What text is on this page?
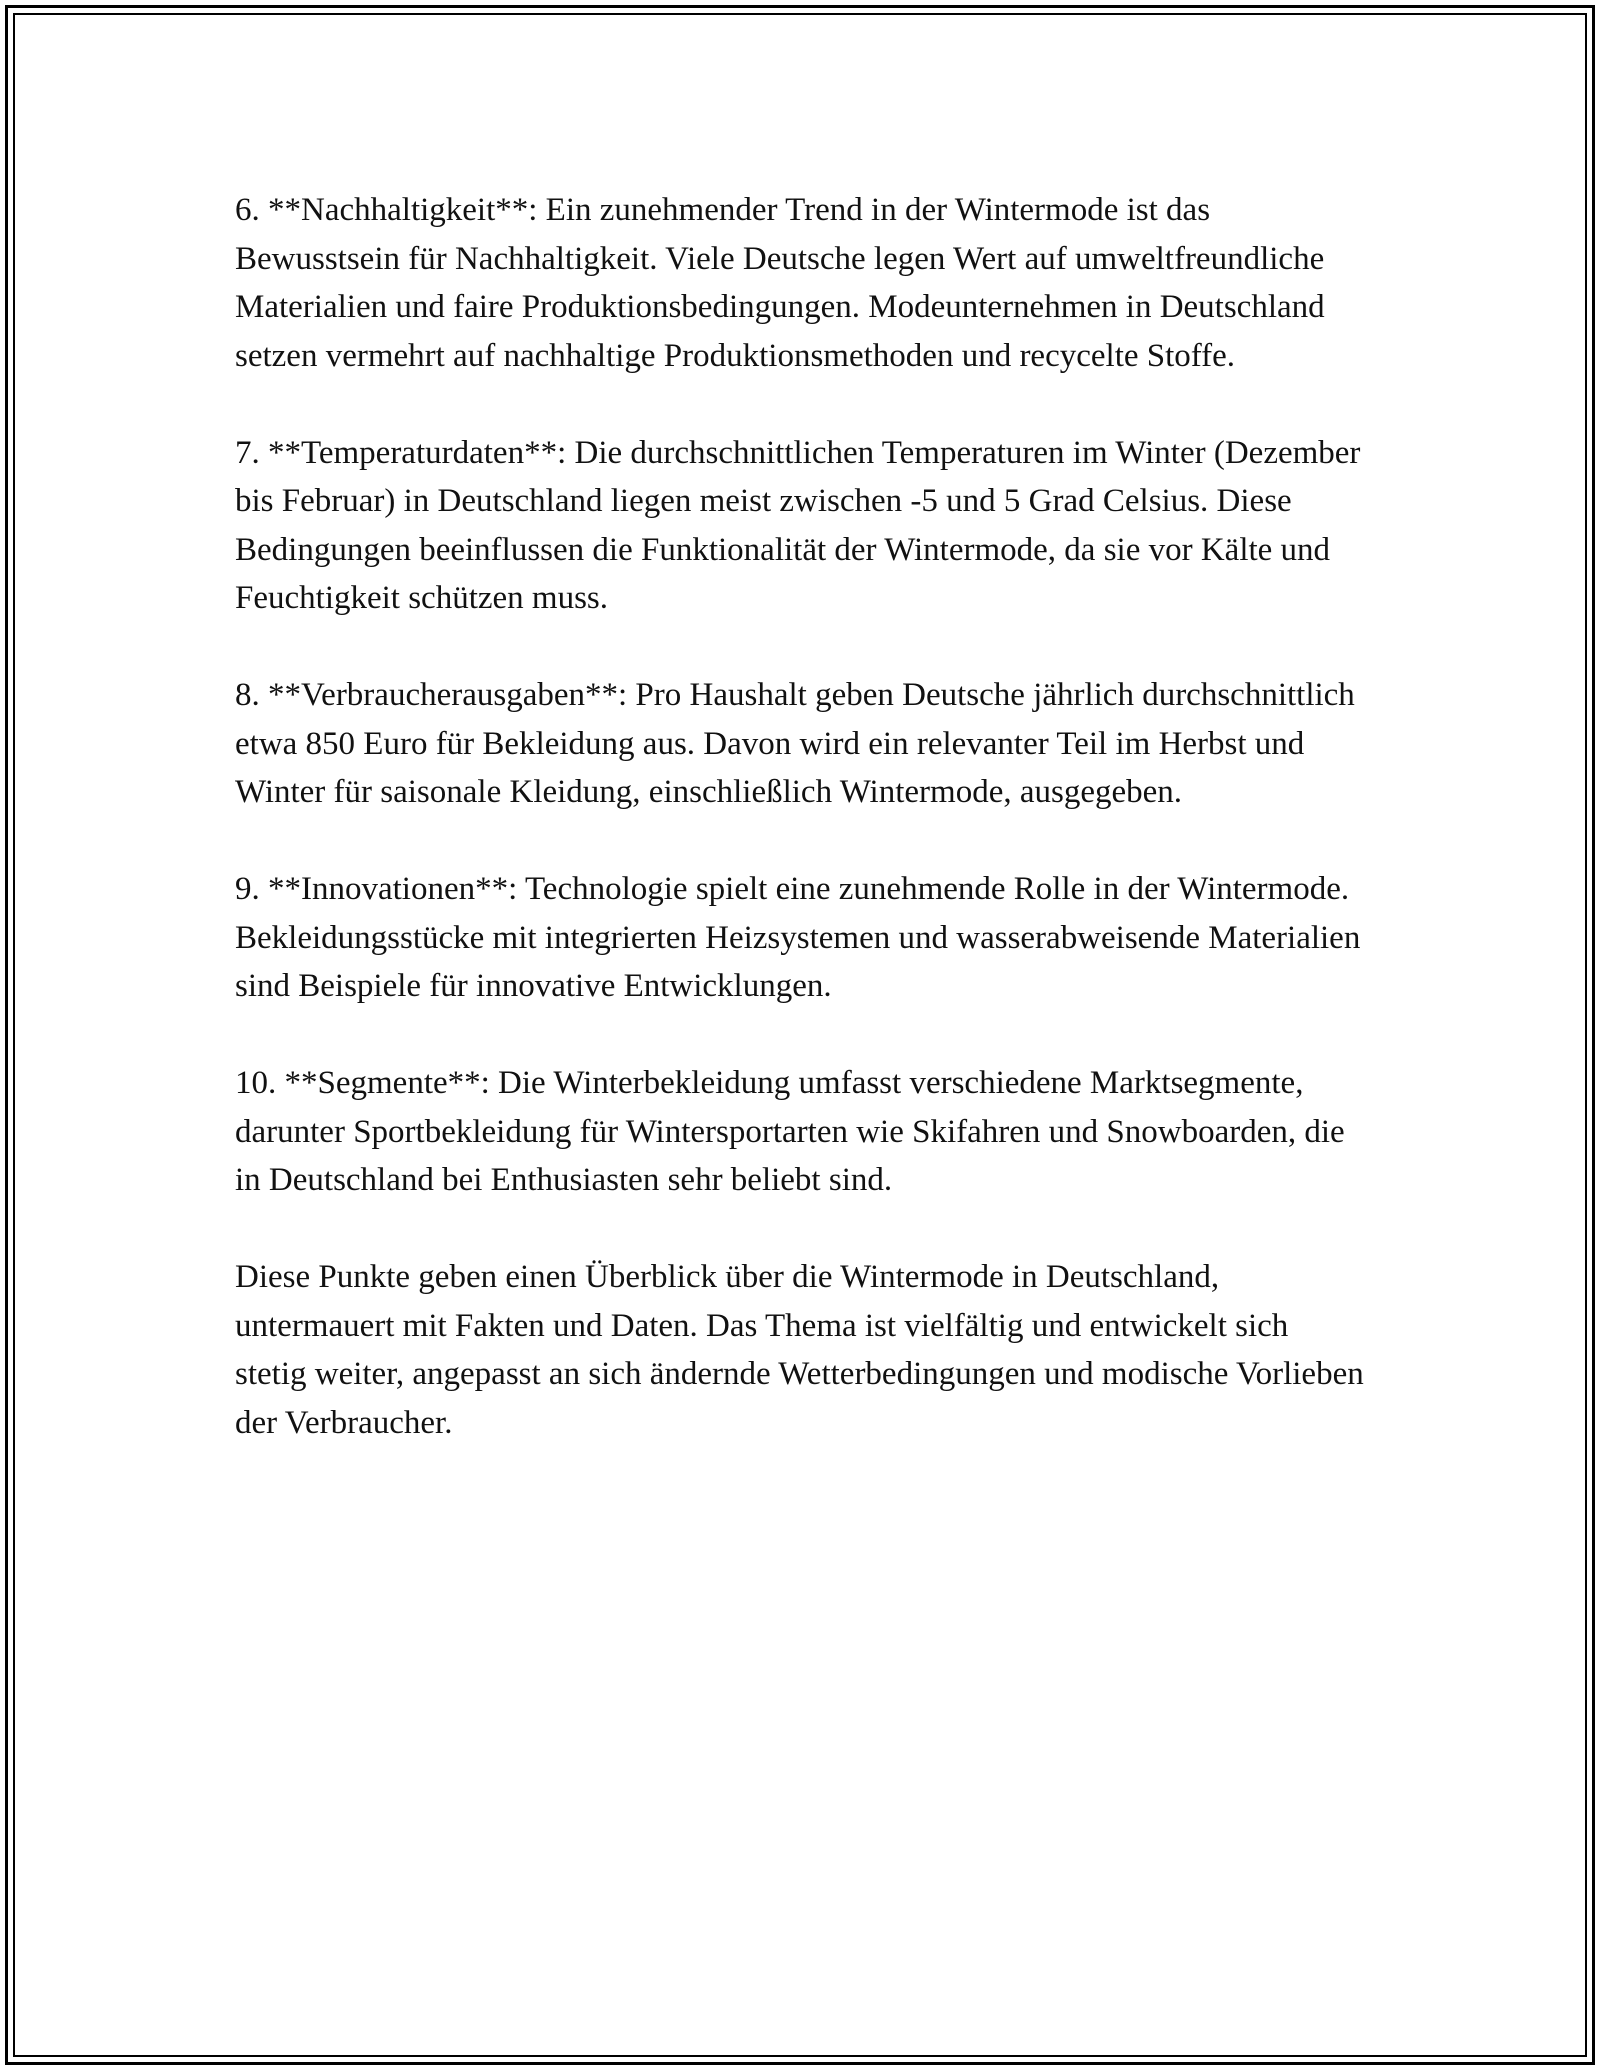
6. **Nachhaltigkeit**: Ein zunehmender Trend in der Wintermode ist das Bewusstsein für Nachhaltigkeit. Viele Deutsche legen Wert auf umweltfreundliche Materialien und faire Produktionsbedingungen. Modeunternehmen in Deutschland setzen vermehrt auf nachhaltige Produktionsmethoden und recycelte Stoffe.

7. **Temperaturdaten**: Die durchschnittlichen Temperaturen im Winter (Dezember bis Februar) in Deutschland liegen meist zwischen -5 und 5 Grad Celsius. Diese Bedingungen beeinflussen die Funktionalität der Wintermode, da sie vor Kälte und Feuchtigkeit schützen muss.

8. **Verbraucherausgaben**: Pro Haushalt geben Deutsche jährlich durchschnittlich etwa 850 Euro für Bekleidung aus. Davon wird ein relevanter Teil im Herbst und Winter für saisonale Kleidung, einschließlich Wintermode, ausgegeben.

9. **Innovationen**: Technologie spielt eine zunehmende Rolle in der Wintermode. Bekleidungsstücke mit integrierten Heizsystemen und wasserabweisende Materialien sind Beispiele für innovative Entwicklungen.

10. **Segmente**: Die Winterbekleidung umfasst verschiedene Marktsegmente, darunter Sportbekleidung für Wintersportarten wie Skifahren und Snowboarden, die in Deutschland bei Enthusiasten sehr beliebt sind.

Diese Punkte geben einen Überblick über die Wintermode in Deutschland, untermauert mit Fakten und Daten. Das Thema ist vielfältig und entwickelt sich stetig weiter, angepasst an sich ändernde Wetterbedingungen und modische Vorlieben der Verbraucher.
